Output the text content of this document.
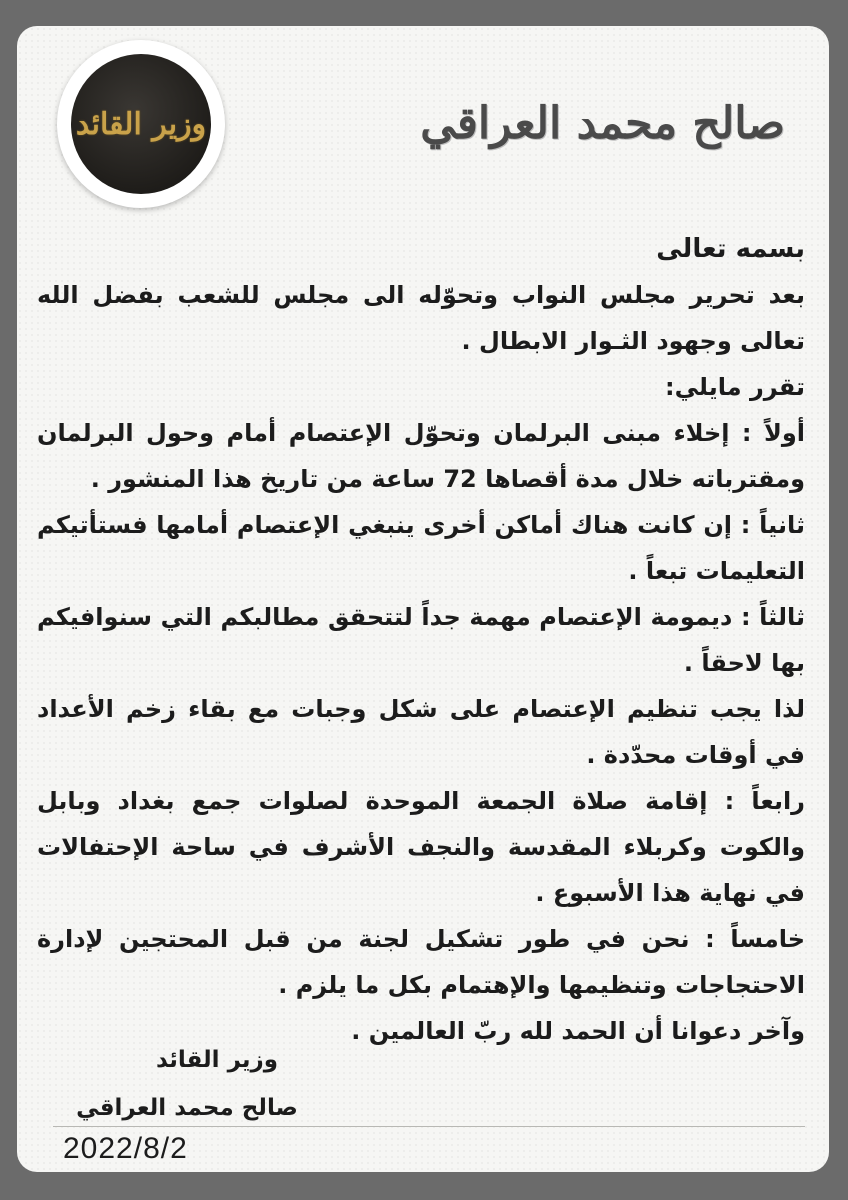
وزير القائد	صالح محمد العراقي

بسمه تعالى

بعد تحرير مجلس النواب وتحوّله الى مجلس للشعب بفضل الله تعالى وجهود الثـوار الابطال .

تقرر مايلي:

أولاً : إخلاء مبنى البرلمان وتحوّل الإعتصام أمام وحول البرلمان ومقترباته خلال مدة أقصاها 72 ساعة من تاريخ هذا المنشور .

ثانياً : إن كانت هناك أماكن أخرى ينبغي الإعتصام أمامها فستأتيكم التعليمات تبعاً .

ثالثاً : ديمومة الإعتصام مهمة جداً لتتحقق مطالبكم التي سنوافيكم بها لاحقاً .

لذا يجب تنظيم الإعتصام على شكل وجبات مع بقاء زخم الأعداد في أوقات محدّدة .

رابعاً : إقامة صلاة الجمعة الموحدة لصلوات جمع بغداد وبابل والكوت وكربلاء المقدسة والنجف الأشرف في ساحة الإحتفالات في نهاية هذا الأسبوع .

خامساً : نحن في طور تشكيل لجنة من قبل المحتجين لإدارة الاحتجاجات وتنظيمها والإهتمام بكل ما يلزم .

وآخر دعوانا أن الحمد لله ربّ العالمين .

وزير القائد
صالح محمد العراقي
2022/8/2
